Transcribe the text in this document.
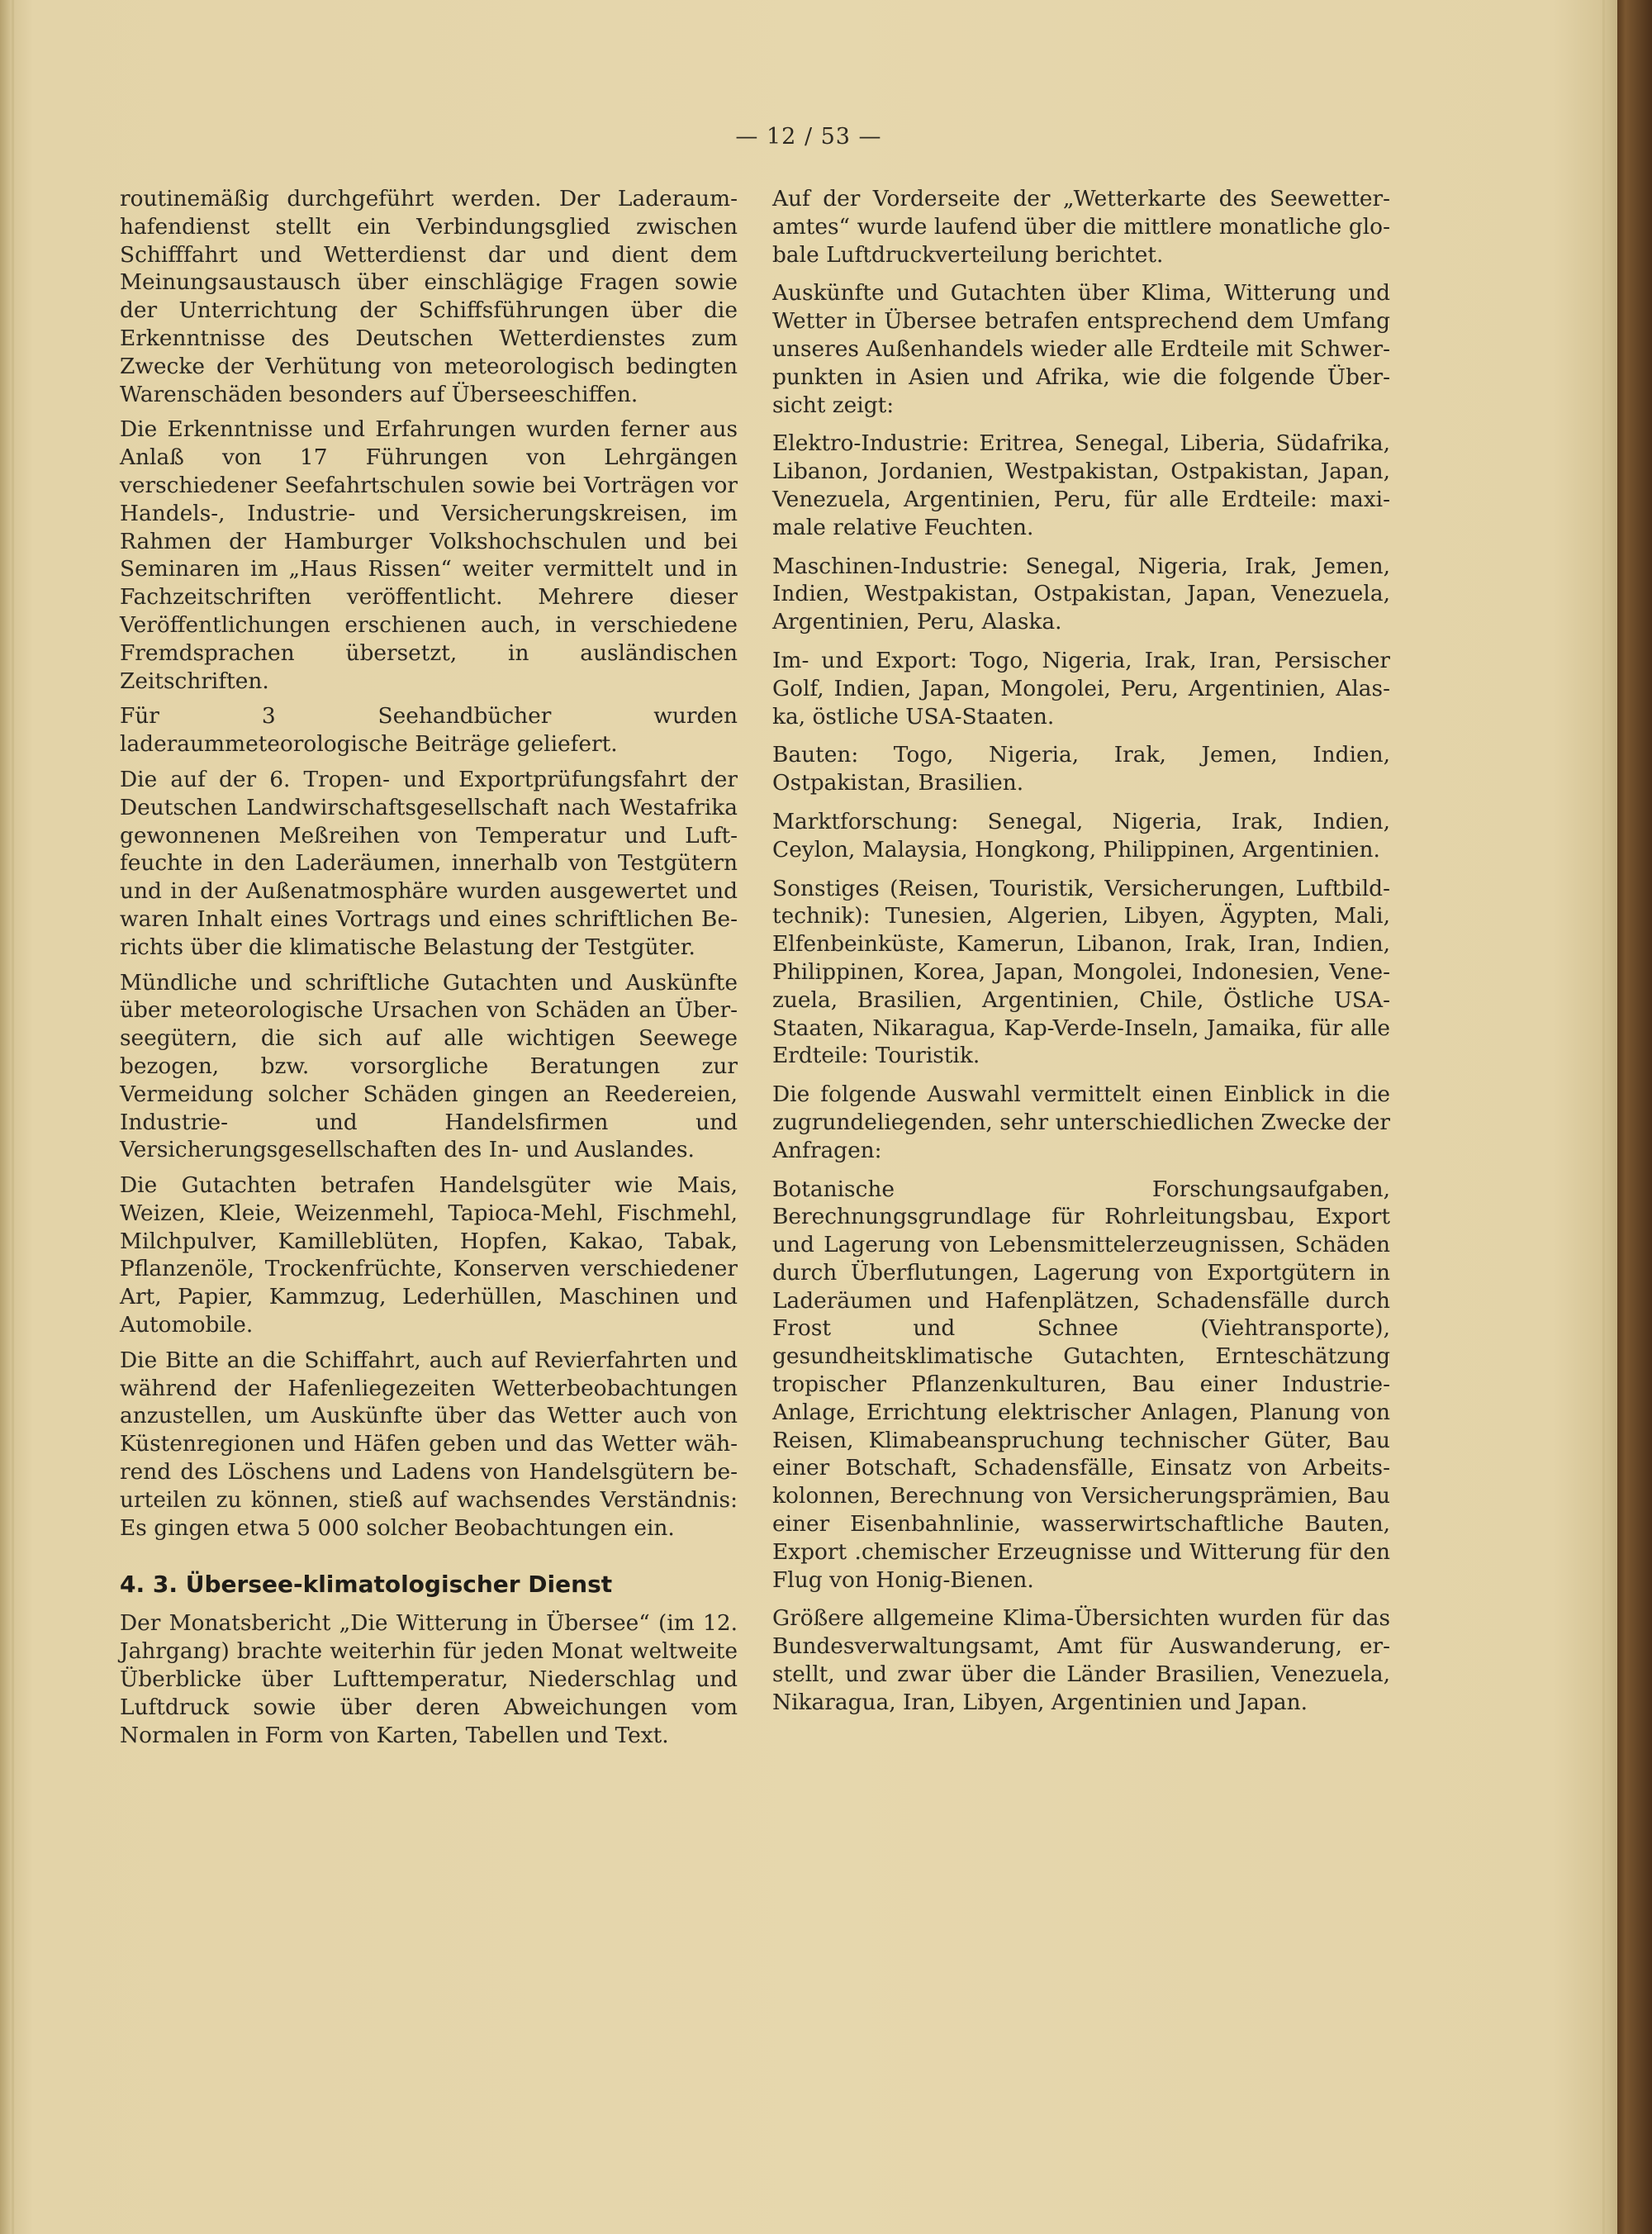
— 12 / 53 —

routinemäßig durchgeführt werden. Der Laderaumhafendienst stellt ein Verbindungsglied zwischen Schifffahrt und Wetterdienst dar und dient dem Meinungsaustausch über einschlägige Fragen sowie der Unterrichtung der Schiffsführungen über die Erkenntnisse des Deutschen Wetterdienstes zum Zwecke der Verhütung von meteorologisch bedingten Warenschäden besonders auf Überseeschiffen.

Die Erkenntnisse und Erfahrungen wurden ferner aus Anlaß von 17 Führungen von Lehrgängen verschiedener Seefahrtschulen sowie bei Vorträgen vor Handels-, Industrie- und Versicherungskreisen, im Rahmen der Hamburger Volkshochschulen und bei Seminaren im „Haus Rissen“ weiter vermittelt und in Fachzeitschriften veröffentlicht. Mehrere dieser Veröffentlichungen erschienen auch, in verschiedene Fremdsprachen übersetzt, in ausländischen Zeitschriften.

Für 3 Seehandbücher wurden laderaummeteorologische Beiträge geliefert.

Die auf der 6. Tropen- und Exportprüfungsfahrt der Deutschen Landwirschaftsgesellschaft nach Westafrika gewonnenen Meßreihen von Temperatur und Luftfeuchte in den Laderäumen, innerhalb von Testgütern und in der Außenatmosphäre wurden ausgewertet und waren Inhalt eines Vortrags und eines schriftlichen Berichts über die klimatische Belastung der Testgüter.

Mündliche und schriftliche Gutachten und Auskünfte über meteorologische Ursachen von Schäden an Überseegütern, die sich auf alle wichtigen Seewege bezogen, bzw. vorsorgliche Beratungen zur Vermeidung solcher Schäden gingen an Reedereien, Industrie- und Handelsfirmen und Versicherungsgesellschaften des In- und Auslandes.

Die Gutachten betrafen Handelsgüter wie Mais, Weizen, Kleie, Weizenmehl, Tapioca-Mehl, Fischmehl, Milchpulver, Kamilleblüten, Hopfen, Kakao, Tabak, Pflanzenöle, Trockenfrüchte, Konserven verschiedener Art, Papier, Kammzug, Lederhüllen, Maschinen und Automobile.

Die Bitte an die Schiffahrt, auch auf Revierfahrten und während der Hafenliegezeiten Wetterbeobachtungen anzustellen, um Auskünfte über das Wetter auch von Küstenregionen und Häfen geben und das Wetter während des Löschens und Ladens von Handelsgütern beurteilen zu können, stieß auf wachsendes Verständnis: Es gingen etwa 5 000 solcher Beobachtungen ein.

4. 3. Übersee-klimatologischer Dienst

Der Monatsbericht „Die Witterung in Übersee“ (im 12. Jahrgang) brachte weiterhin für jeden Monat weltweite Überblicke über Lufttemperatur, Niederschlag und Luftdruck sowie über deren Abweichungen vom Normalen in Form von Karten, Tabellen und Text.

Auf der Vorderseite der „Wetterkarte des Seewetteramtes“ wurde laufend über die mittlere monatliche globale Luftdruckverteilung berichtet.

Auskünfte und Gutachten über Klima, Witterung und Wetter in Übersee betrafen entsprechend dem Umfang unseres Außenhandels wieder alle Erdteile mit Schwerpunkten in Asien und Afrika, wie die folgende Übersicht zeigt:

Elektro-Industrie: Eritrea, Senegal, Liberia, Südafrika, Libanon, Jordanien, Westpakistan, Ostpakistan, Japan, Venezuela, Argentinien, Peru, für alle Erdteile: maximale relative Feuchten.

Maschinen-Industrie: Senegal, Nigeria, Irak, Jemen, Indien, Westpakistan, Ostpakistan, Japan, Venezuela, Argentinien, Peru, Alaska.

Im- und Export: Togo, Nigeria, Irak, Iran, Persischer Golf, Indien, Japan, Mongolei, Peru, Argentinien, Alaska, östliche USA-Staaten.

Bauten: Togo, Nigeria, Irak, Jemen, Indien, Ostpakistan, Brasilien.

Marktforschung: Senegal, Nigeria, Irak, Indien, Ceylon, Malaysia, Hongkong, Philippinen, Argentinien.

Sonstiges (Reisen, Touristik, Versicherungen, Luftbildtechnik): Tunesien, Algerien, Libyen, Ägypten, Mali, Elfenbeinküste, Kamerun, Libanon, Irak, Iran, Indien, Philippinen, Korea, Japan, Mongolei, Indonesien, Venezuela, Brasilien, Argentinien, Chile, Östliche USA-Staaten, Nikaragua, Kap-Verde-Inseln, Jamaika, für alle Erdteile: Touristik.

Die folgende Auswahl vermittelt einen Einblick in die zugrundeliegenden, sehr unterschiedlichen Zwecke der Anfragen:

Botanische Forschungsaufgaben, Berechnungsgrundlage für Rohrleitungsbau, Export und Lagerung von Lebensmittelerzeugnissen, Schäden durch Überflutungen, Lagerung von Exportgütern in Laderäumen und Hafenplätzen, Schadensfälle durch Frost und Schnee (Viehtransporte), gesundheitsklimatische Gutachten, Ernteschätzung tropischer Pflanzenkulturen, Bau einer Industrie-Anlage, Errichtung elektrischer Anlagen, Planung von Reisen, Klimabeanspruchung technischer Güter, Bau einer Botschaft, Schadensfälle, Einsatz von Arbeitskolonnen, Berechnung von Versicherungsprämien, Bau einer Eisenbahnlinie, wasserwirtschaftliche Bauten, Export .chemischer Erzeugnisse und Witterung für den Flug von Honig-Bienen.

Größere allgemeine Klima-Übersichten wurden für das Bundesverwaltungsamt, Amt für Auswanderung, erstellt, und zwar über die Länder Brasilien, Venezuela, Nikaragua, Iran, Libyen, Argentinien und Japan.
